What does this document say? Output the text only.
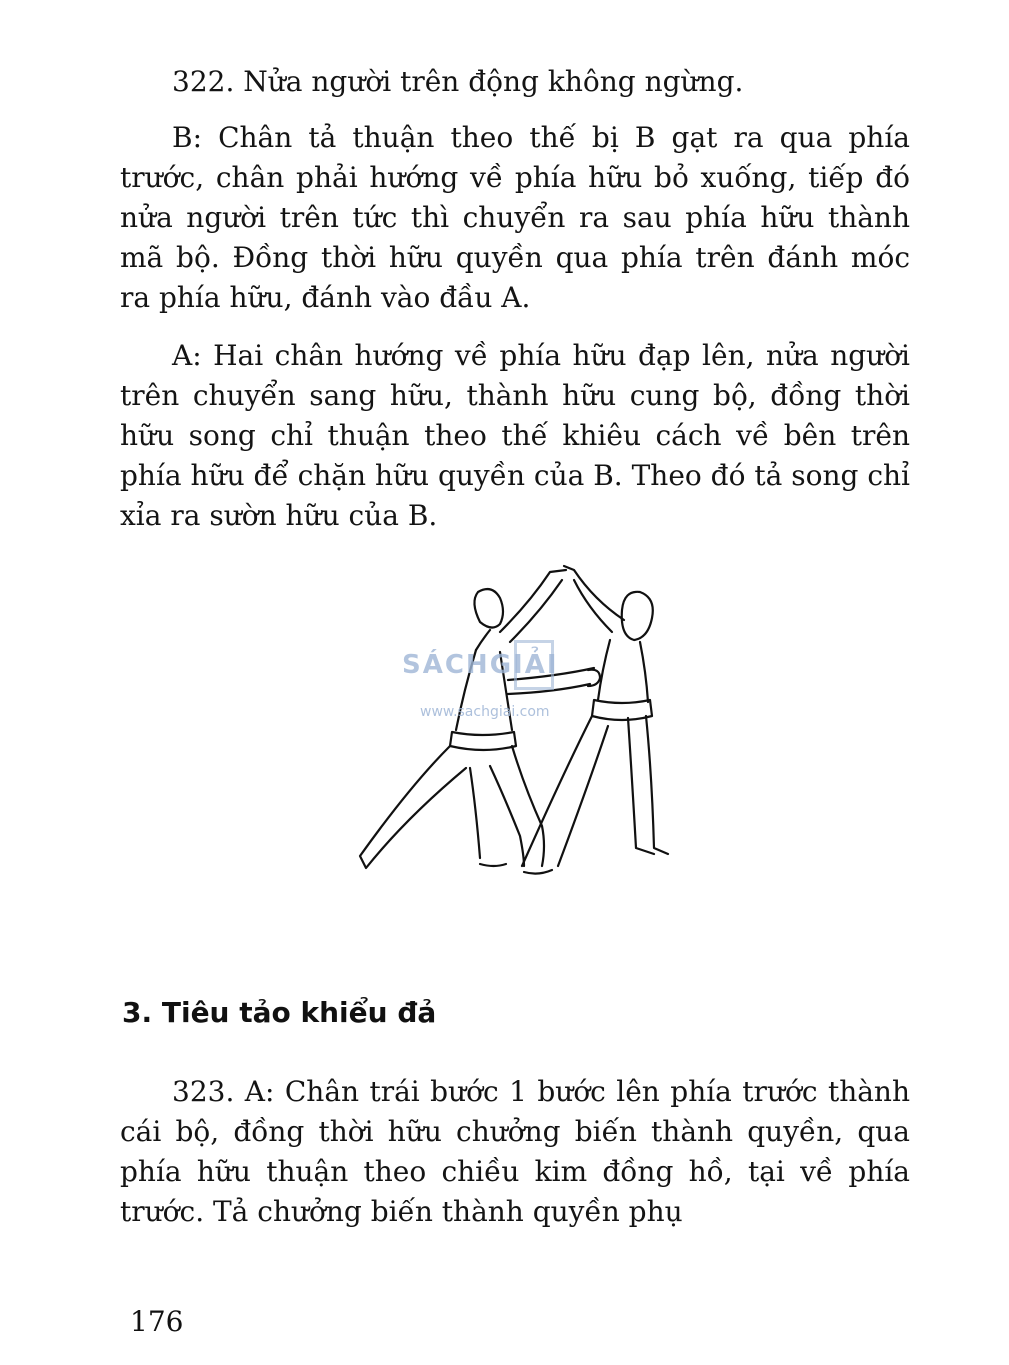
322. Nửa người trên động không ngừng.

B: Chân tả thuận theo thế bị B gạt ra qua phía trước, chân phải hướng về phía hữu bỏ xuống, tiếp đó nửa người trên tức thì chuyển ra sau phía hữu thành mã bộ. Đồng thời hữu quyền qua phía trên đánh móc ra phía hữu, đánh vào đầu A.

A: Hai chân hướng về phía hữu đạp lên, nửa người trên chuyển sang hữu, thành hữu cung bộ, đồng thời hữu song chỉ thuận theo thế khiêu cách về bên trên phía hữu để chặn hữu quyền của B. Theo đó tả song chỉ xỉa ra sườn hữu của B.

SÁCHGIẢI
www.sachgiai.com
3. Tiêu tảo khiểu đả

323. A: Chân trái bước 1 bước lên phía trước thành cái bộ, đồng thời hữu chưởng biến thành quyền, qua phía hữu thuận theo chiều kim đồng hồ, tại về phía trước. Tả chưởng biến thành quyền phụ

176
